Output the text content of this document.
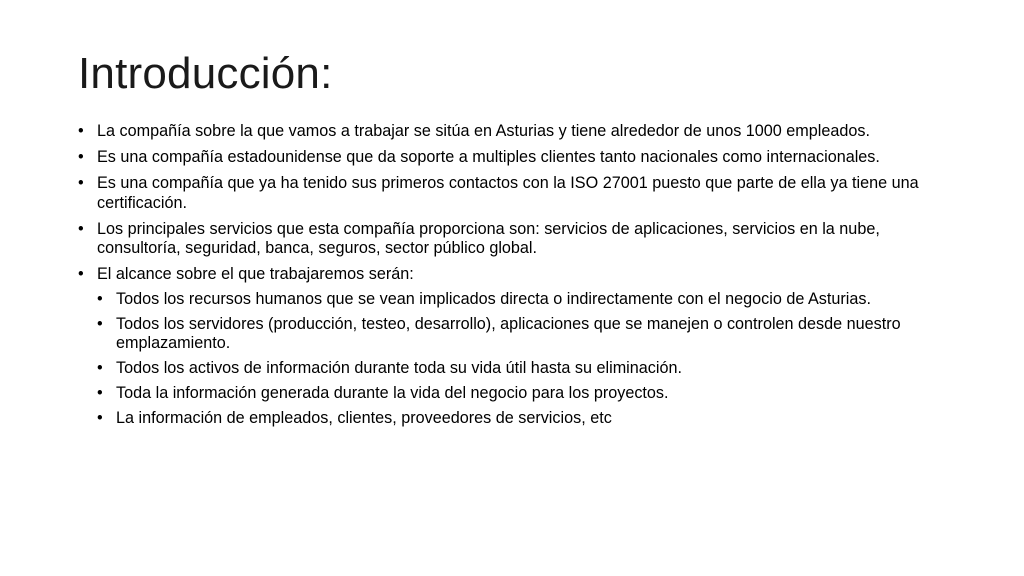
Introducción:
• La compañía sobre la que vamos a trabajar se sitúa en Asturias y tiene alrededor de unos 1000 empleados.
• Es una compañía estadounidense que da soporte a multiples clientes tanto nacionales como internacionales.
• Es una compañía que ya ha tenido sus primeros contactos con la ISO 27001 puesto que parte de ella ya tiene una certificación.
• Los principales servicios que esta compañía proporciona son: servicios de aplicaciones, servicios en la nube, consultoría, seguridad, banca, seguros, sector público global.
• El alcance sobre el que trabajaremos serán:
• Todos los recursos humanos que se vean implicados directa o indirectamente con el negocio de Asturias.
• Todos los servidores (producción, testeo, desarrollo), aplicaciones que se manejen o controlen desde nuestro emplazamiento.
• Todos los activos de información durante toda su vida útil hasta su eliminación.
• Toda la información generada durante la vida del negocio para los proyectos.
• La información de empleados, clientes, proveedores de servicios, etc
